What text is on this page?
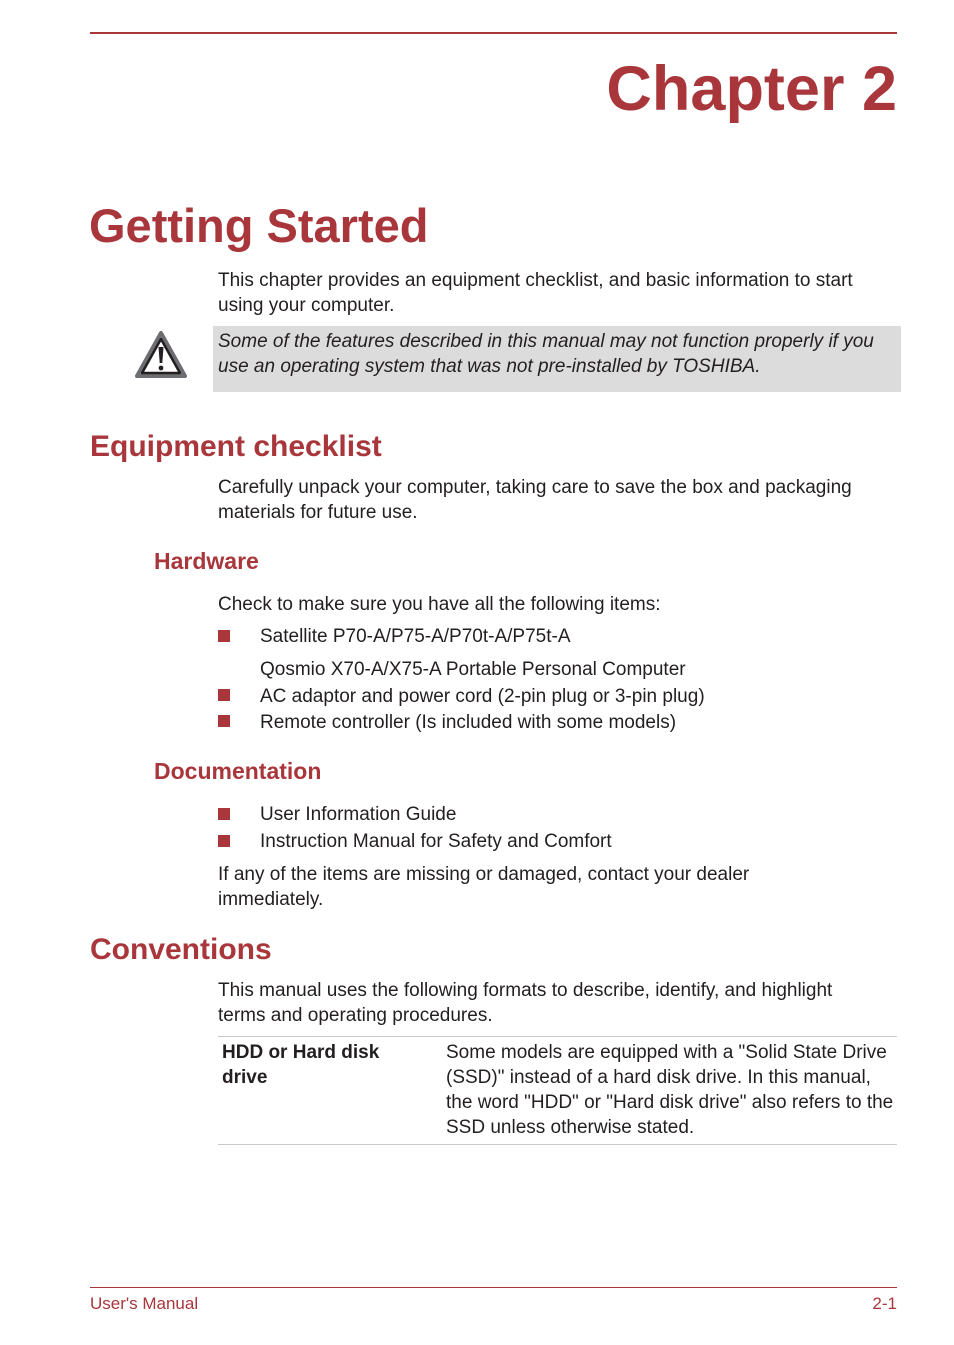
Chapter 2
Getting Started

This chapter provides an equipment checklist, and basic information to start using your computer.

Some of the features described in this manual may not function properly if you use an operating system that was not pre-installed by TOSHIBA.

Equipment checklist

Carefully unpack your computer, taking care to save the box and packaging materials for future use.

Hardware

Check to make sure you have all the following items:

Satellite P70-A/P75-A/P70t-A/P75t-A

Qosmio X70-A/X75-A Portable Personal Computer

AC adaptor and power cord (2-pin plug or 3-pin plug)

Remote controller (Is included with some models)

Documentation

User Information Guide

Instruction Manual for Safety and Comfort

If any of the items are missing or damaged, contact your dealer immediately.

Conventions

This manual uses the following formats to describe, identify, and highlight terms and operating procedures.

HDD or Hard disk drive

Some models are equipped with a "Solid State Drive (SSD)" instead of a hard disk drive. In this manual, the word "HDD" or "Hard disk drive" also refers to the SSD unless otherwise stated.

User's Manual	2-1
